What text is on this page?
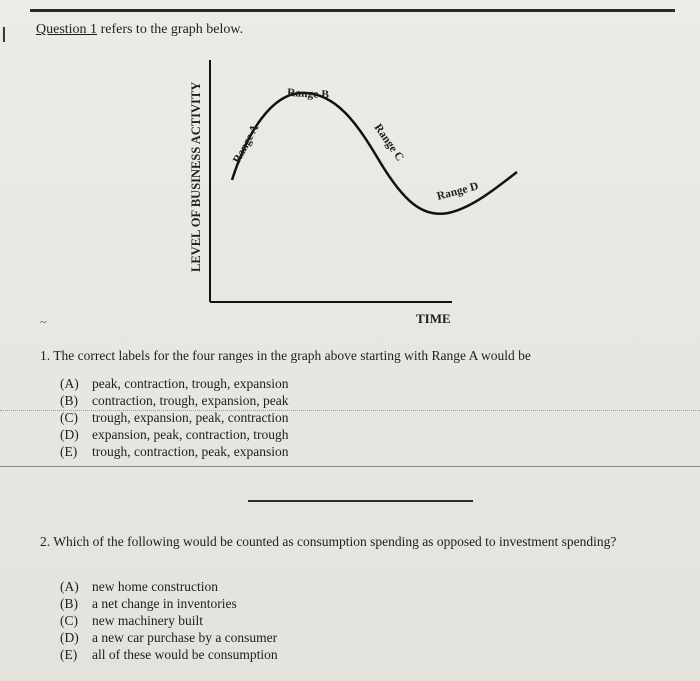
I Question 1 refers to the graph below.
LEVEL OF BUSINESS ACTIVITY
TIME
Range A
Range B
Range C
Range D
~
1. The correct labels for the four ranges in the graph above starting with Range A would be
(A) peak, contraction, trough, expansion
(B)	contraction, trough, expansion, peak
(C)	trough, expansion, peak, contraction
(D) expansion, peak, contraction, trough
(E)	trough, contraction, peak, expansion
2. Which of the following would be counted as consumption spending as opposed to investment spending?
(A) new home construction
(B)	a net change in inventories
(C)	new machinery built
(D) a new car purchase by a consumer
(E)	all of these would be consumption
